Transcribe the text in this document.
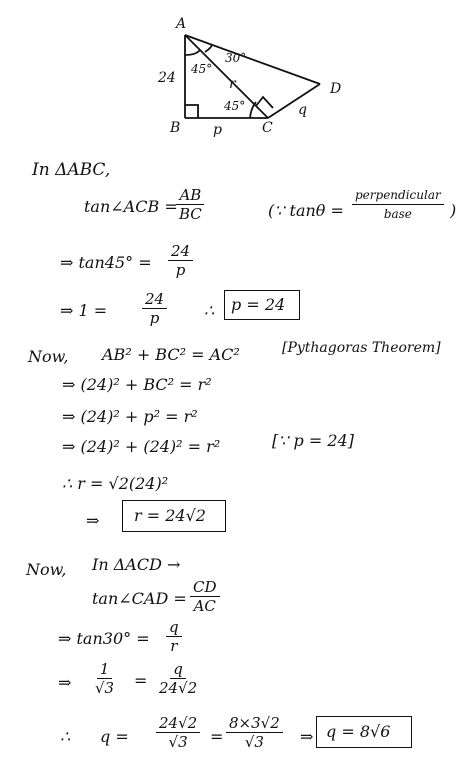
A
B	C
D
24
p
q
r
45°
45°
30°
In ΔABC,
tan∠ACB =
$\frac{AB}{BC}$	(∵ tanθ =
perpendicular
base )
⇒ $\tan 45^\circ = \frac{24}{p}$
⇒ $1 = \frac{24}{p}$ ∴ p = 24
Now, AB² + BC² = AC²	[Pythagoras Theorem]
⇒ (24)² + BC² = r²
⇒ (24)² + p² = r²
⇒ (24)² + (24)² = r²	[∵ p = 24]
∴ r = √2(24)²
⇒ r = 24√2
Now, In ΔACD →
tan∠CAD = $\frac{CD}{AC}$
⇒ $\tan 30^\circ = \frac{q}{r}$
⇒ $\frac{1}{√3} = \frac{q}{24√2}$
∴ $q = \frac{24√2}{√3} = \frac{8\times 3√2}{√3}$ ⇒ q = 8√6
